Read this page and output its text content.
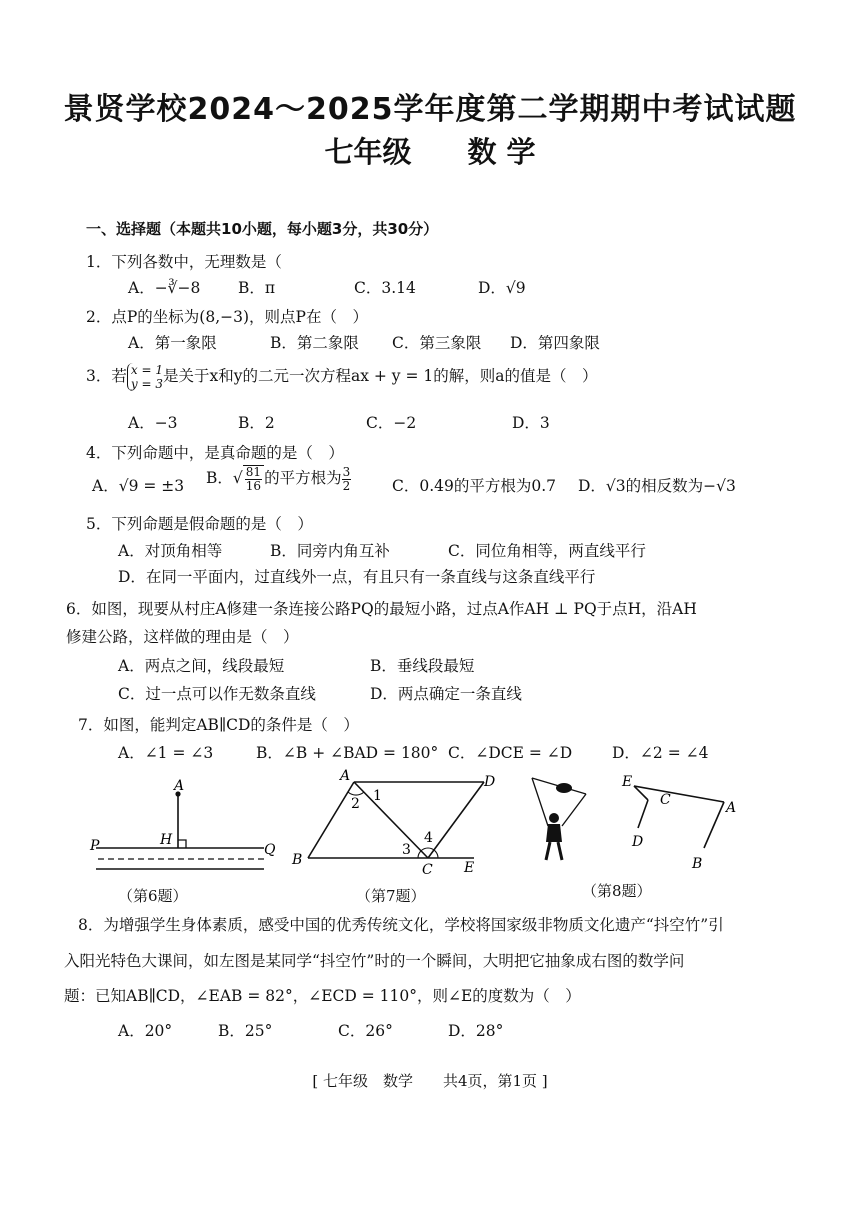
景贤学校2024～2025学年度第二学期期中考试试题
七年级 数 学
一、选择题（本题共10小题，每小题3分，共30分）
1．下列各数中，无理数是（
A．−∛−8 B．π	C．3.14	D．√9
2．点P的坐标为(8,−3)，则点P在（　）
A．第一象限	B．第二象限 C．第三象限 D．第四象限
3．若 x = 1
y = 3是关于x和y的二元一次方程ax + y = 1的解，则a的值是（　）
A．−3	B．2	C．−2	D．3
4．下列命题中，是真命题的是（　）
A．√9 = ±3 B．√ $\frac{81}{16}$ 的平方根为 $\frac{3}{2}$	C．0.49的平方根为0.7 D．√3的相反数为−√3
5．下列命题是假命题的是（　）
A．对顶角相等	B．同旁内角互补	C．同位角相等，两直线平行
D．在同一平面内，过直线外一点，有且只有一条直线与这条直线平行
6．如图，现要从村庄A修建一条连接公路PQ的最短小路，过点A作AH ⊥ PQ于点H，沿AH
修建公路，这样做的理由是（　）
A．两点之间，线段最短	B．垂线段最短
C．过一点可以作无数条直线	D．两点确定一条直线
7．如图，能判定AB∥CD的条件是（　）
A．∠1 = ∠3	B．∠B + ∠BAD = 180° C．∠DCE = ∠D	D．∠2 = ∠4
A
H
P	Q
（第6题）
A	D
B
C E
1
2
3
4
（第7题）
E
C
D
A
B
（第8题）
8．为增强学生身体素质，感受中国的优秀传统文化，学校将国家级非物质文化遗产“抖空竹”引
入阳光特色大课间，如左图是某同学“抖空竹”时的一个瞬间，大明把它抽象成右图的数学问
题：已知AB∥CD，∠EAB = 82°，∠ECD = 110°，则∠E的度数为（　）
A．20°	B．25°	C．26°	D．28°
[ 七年级　数学　　共4页，第1页 ]
